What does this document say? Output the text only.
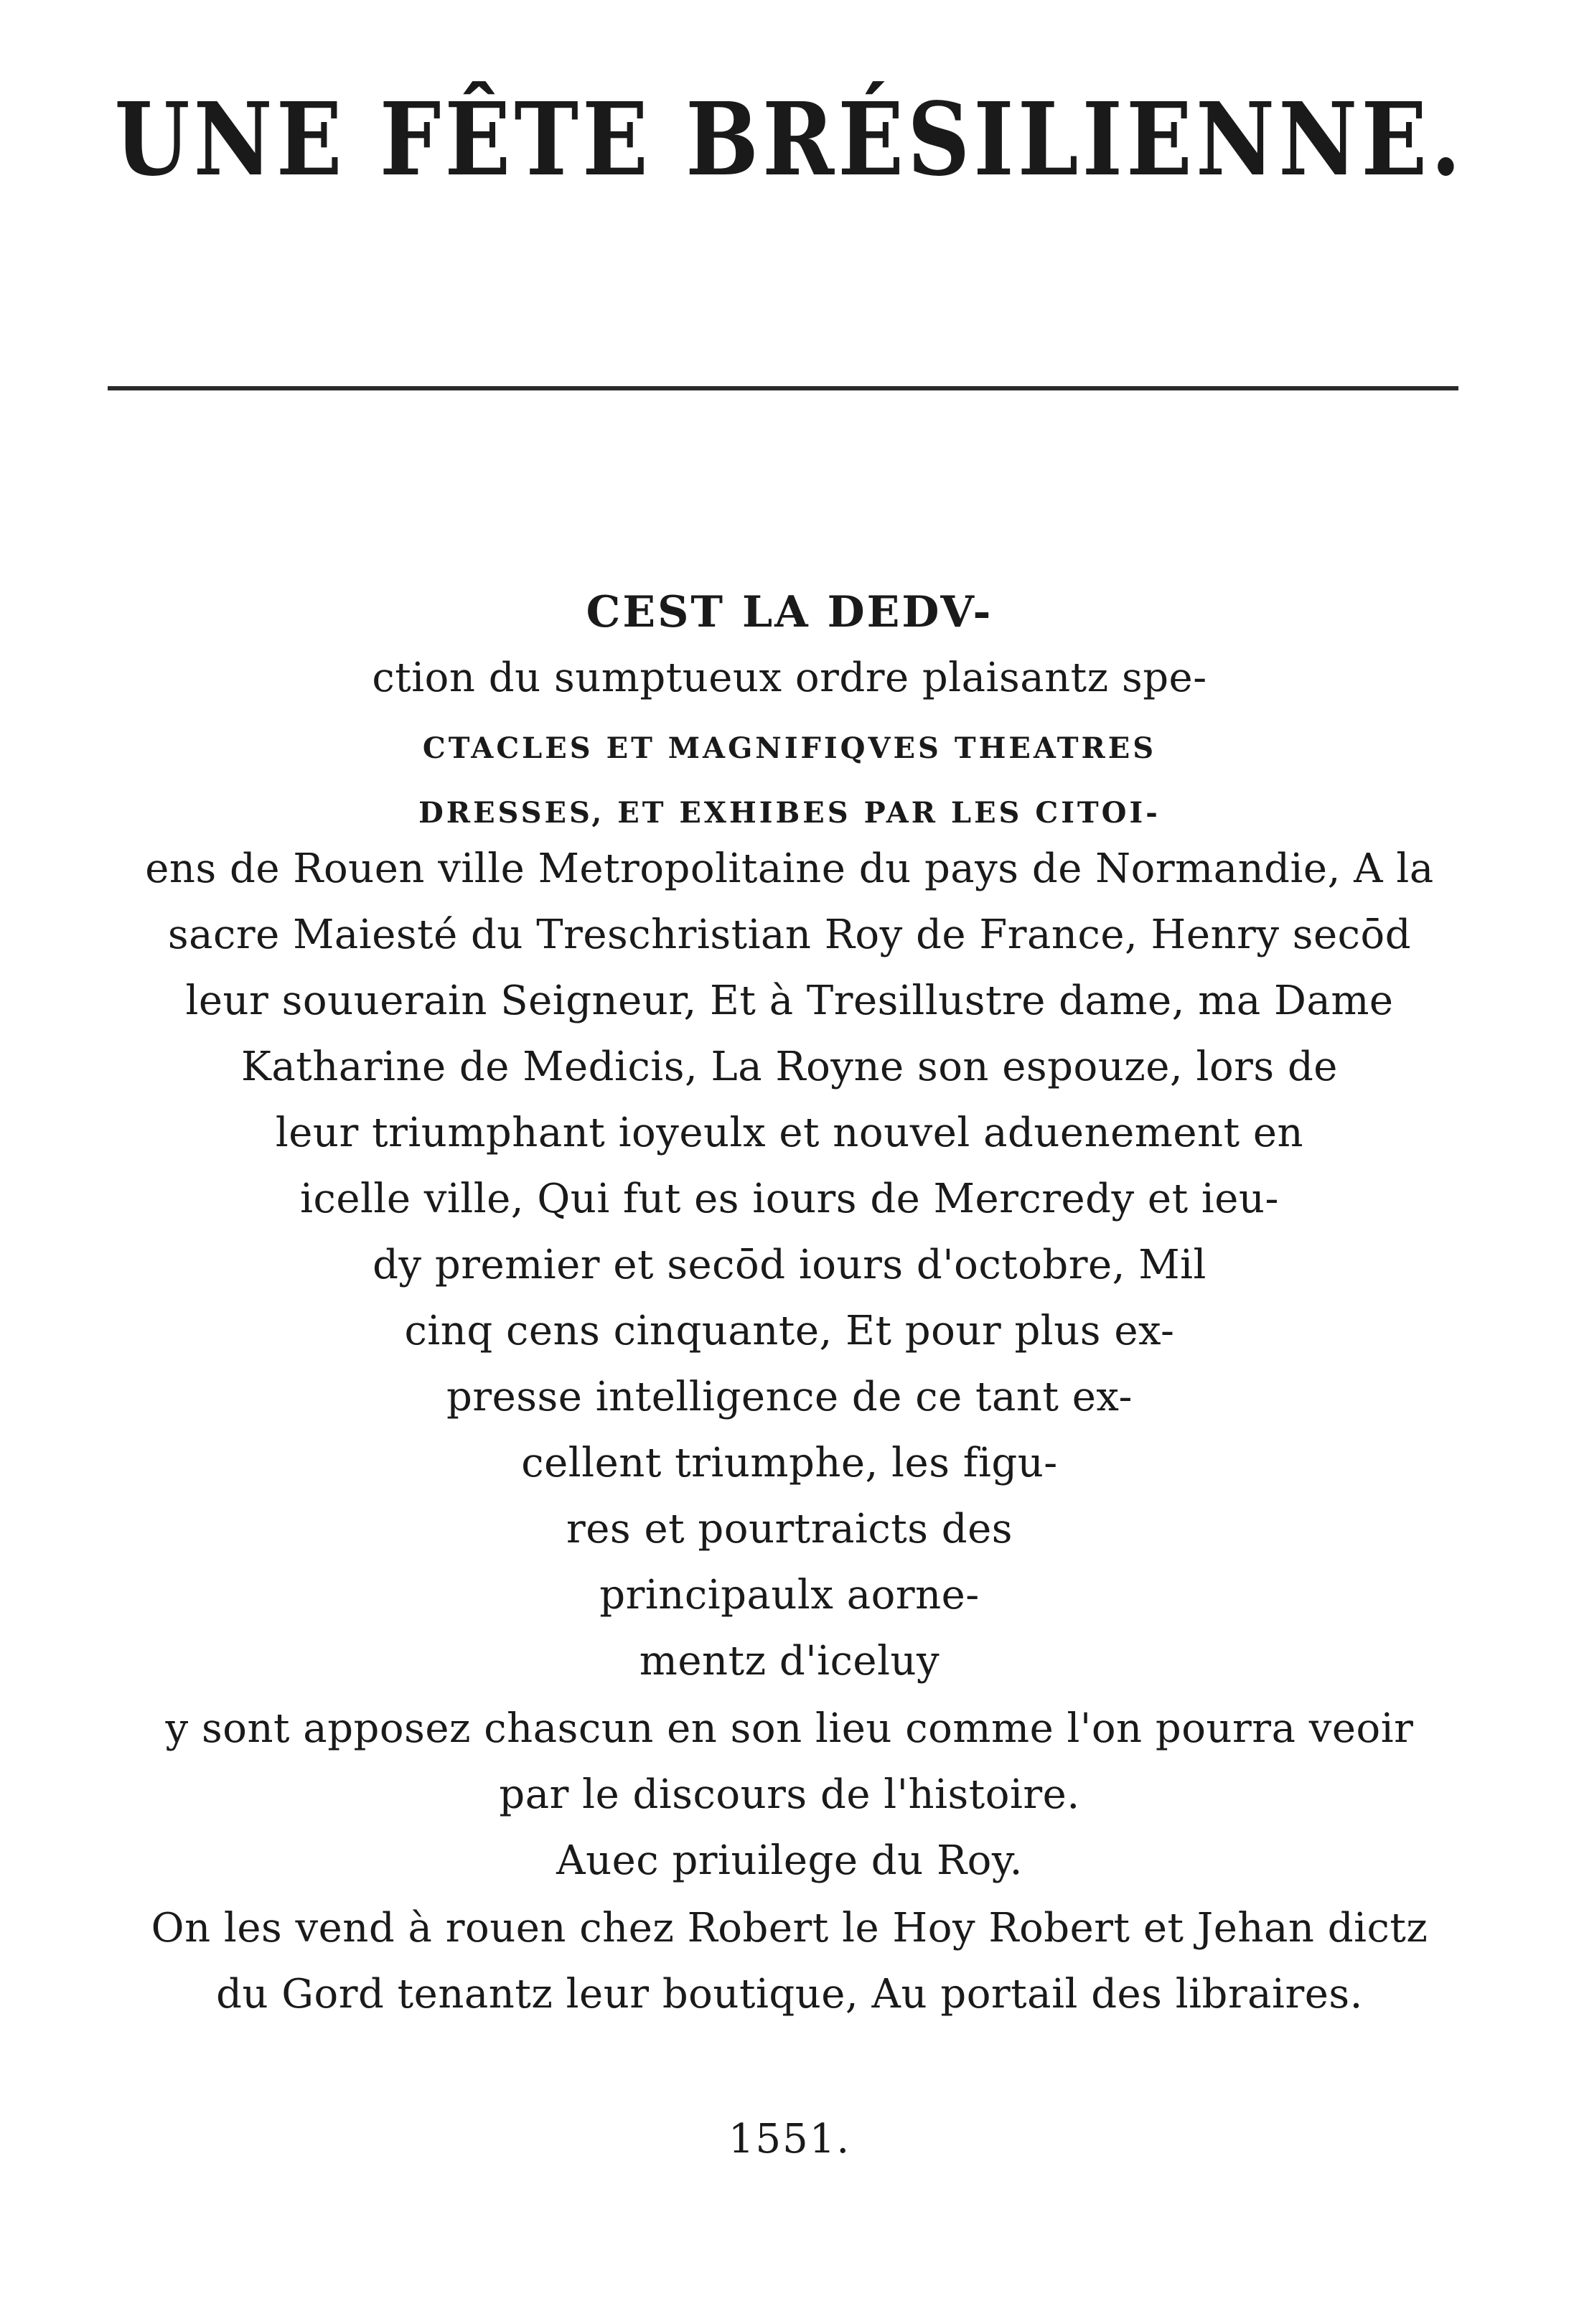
UNE FÊTE BRÉSILIENNE.
CEST LA DEDV-
ction du sumptueux ordre plaisantz spe-
CTACLES ET MAGNIFIQVES THEATRES
DRESSES, ET EXHIBES PAR LES CITOI-
ens de Rouen ville Metropolitaine du pays de Normandie, A la
sacre Maiesté du Treschristian Roy de France, Henry secōd
leur souuerain Seigneur, Et à Tresillustre dame, ma Dame
Katharine de Medicis, La Royne son espouze, lors de
leur triumphant ioyeulx et nouvel aduenement en
icelle ville, Qui fut es iours de Mercredy et ieu-
dy premier et secōd iours d'octobre, Mil
cinq cens cinquante, Et pour plus ex-
presse intelligence de ce tant ex-
cellent triumphe, les figu-
res et pourtraicts des
principaulx aorne-
mentz d'iceluy
y sont apposez chascun en son lieu comme l'on pourra veoir
par le discours de l'histoire.
Auec priuilege du Roy.
On les vend à rouen chez Robert le Hoy Robert et Jehan dictz
du Gord tenantz leur boutique, Au portail des libraires.
1551.
